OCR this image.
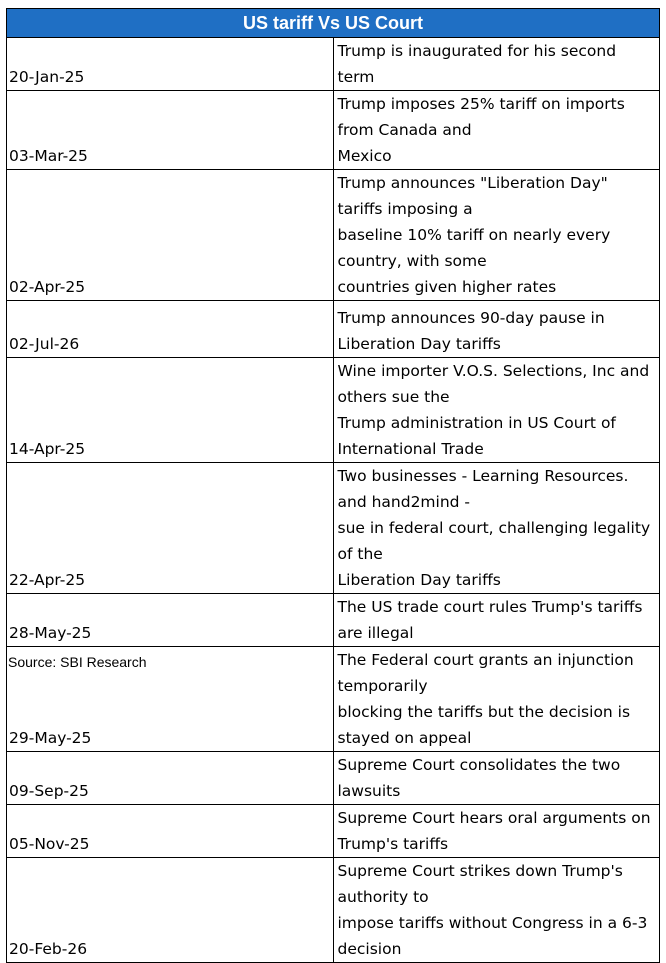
US tariff Vs US Court	
20-Jan-25	Trump is inaugurated for his second term
03-Mar-25	Trump imposes 25% tariff on imports from Canada and
Mexico
02-Apr-25	Trump announces "Liberation Day" tariffs imposing a
baseline 10% tariff on nearly every country, with some
countries given higher rates
02-Jul-26	Trump announces 90-day pause in Liberation Day tariffs
14-Apr-25	Wine importer V.O.S. Selections, Inc and others sue the
Trump administration in US Court of International Trade
22-Apr-25	Two businesses - Learning Resources. and hand2mind -
sue in federal court, challenging legality of the
Liberation Day tariffs
28-May-25	The US trade court rules Trump's tariffs are illegal
29-May-25	The Federal court grants an injunction temporarily
blocking the tariffs but the decision is stayed on appeal
09-Sep-25	Supreme Court consolidates the two lawsuits
05-Nov-25	Supreme Court hears oral arguments on Trump's tariffs
20-Feb-26	Supreme Court strikes down Trump's authority to
impose tariffs without Congress in a 6-3 decision
Source: SBI Research
